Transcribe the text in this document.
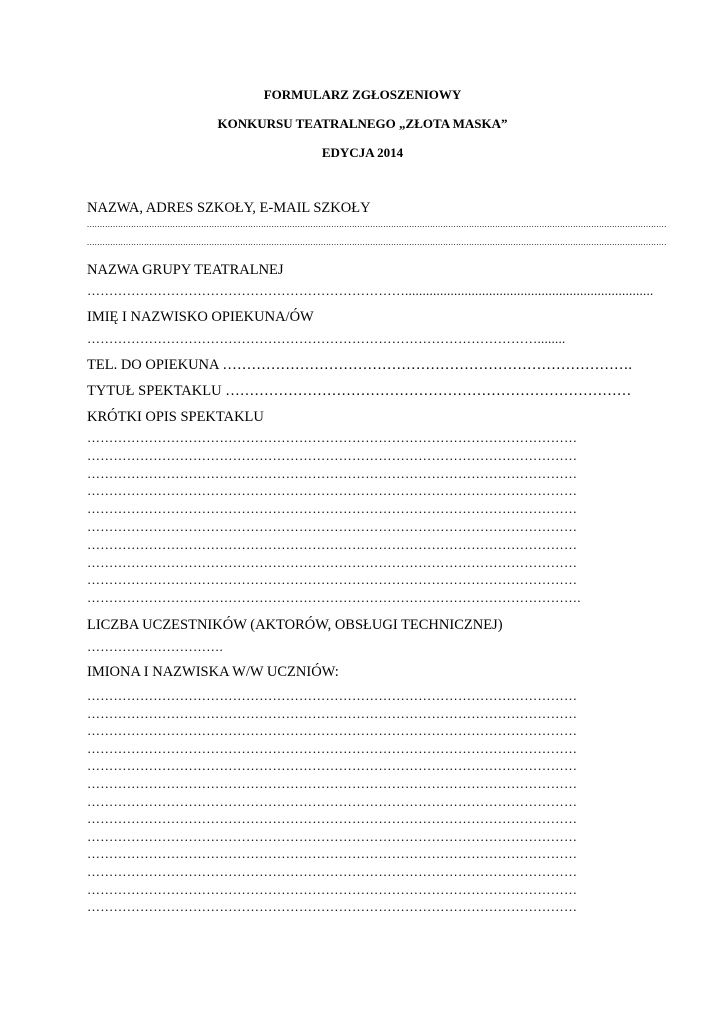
FORMULARZ ZGŁOSZENIOWY
KONKURSU TEATRALNEGO „ZŁOTA MASKA”
EDYCJA 2014
NAZWA, ADRES SZKOŁY, E-MAIL SZKOŁY
...............................................................................................................................................................................................................................
...............................................................................................................................................................................................................................
NAZWA GRUPY TEATRALNEJ
……………………………………………………………….......................................................................
IMIĘ I NAZWISKO OPIEKUNA/ÓW
…………………………………………………………………………………………........
TEL. DO OPIEKUNA ………………………………………………………………………….
TYTUŁ SPEKTAKLU …………………………………………………………………………
KRÓTKI OPIS SPEKTAKLU
…………………………………………………………………………………………………
…………………………………………………………………………………………………
…………………………………………………………………………………………………
…………………………………………………………………………………………………
…………………………………………………………………………………………………
…………………………………………………………………………………………………
…………………………………………………………………………………………………
…………………………………………………………………………………………………
…………………………………………………………………………………………………
………………………………………………………………………………………………….
LICZBA UCZESTNIKÓW (AKTORÓW, OBSŁUGI TECHNICZNEJ)
………………………….
IMIONA I NAZWISKA W/W UCZNIÓW:
…………………………………………………………………………………………………
…………………………………………………………………………………………………
…………………………………………………………………………………………………
…………………………………………………………………………………………………
…………………………………………………………………………………………………
…………………………………………………………………………………………………
…………………………………………………………………………………………………
…………………………………………………………………………………………………
…………………………………………………………………………………………………
…………………………………………………………………………………………………
…………………………………………………………………………………………………
…………………………………………………………………………………………………
…………………………………………………………………………………………………
